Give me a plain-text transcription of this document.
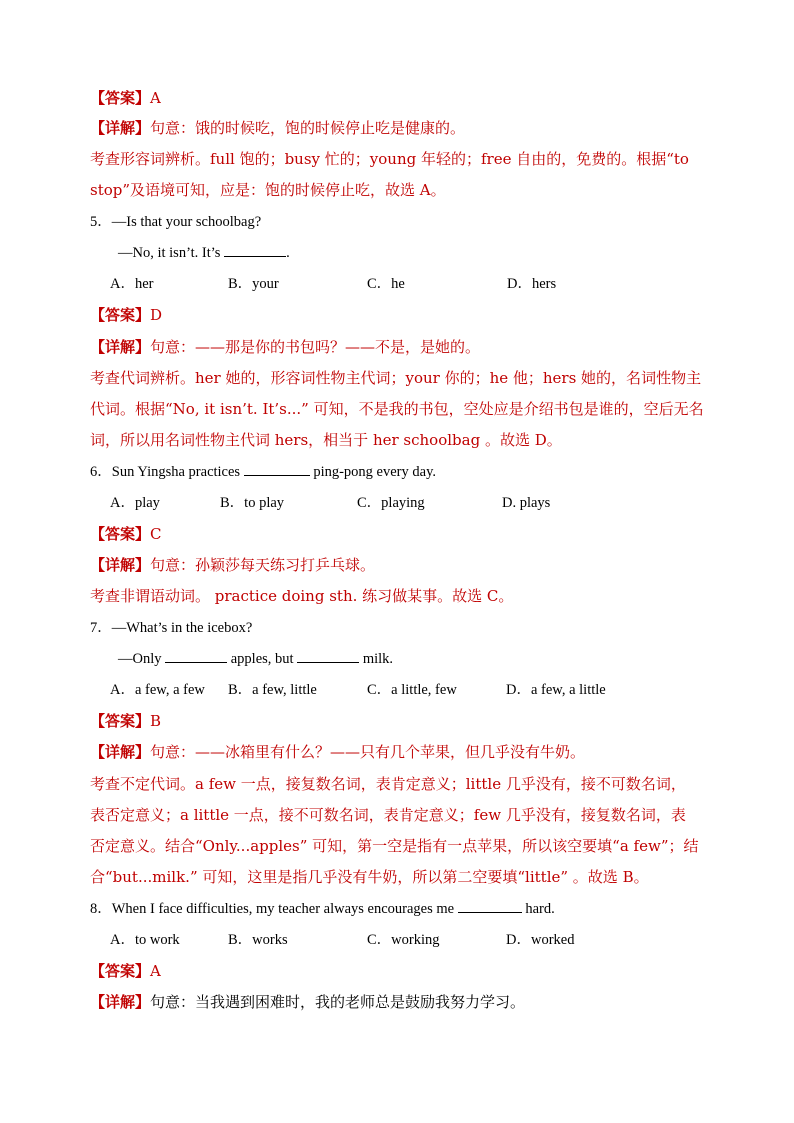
【答案】A
【详解】句意：饿的时候吃，饱的时候停止吃是健康的。
考查形容词辨析。full 饱的；busy 忙的；young 年轻的；free 自由的，免费的。根据“to
stop”及语境可知，应是：饱的时候停止吃，故选 A。
5．—Is that your schoolbag?
—No, it isn’t. It’s	.
A．her	B．your	C．he	D．hers
【答案】D
【详解】句意：——那是你的书包吗？——不是，是她的。
考查代词辨析。her 她的，形容词性物主代词；your 你的；he 他；hers 她的，名词性物主
代词。根据“No, it isn’t. It’s...” 可知，不是我的书包，空处应是介绍书包是谁的，空后无名
词，所以用名词性物主代词 hers，相当于 her schoolbag 。故选 D。
6．Sun Yingsha practices	ping-pong every day.
A．play	B．to play	C．playing	D. plays
【答案】C
【详解】句意：孙颖莎每天练习打乒乓球。
考查非谓语动词。 practice doing sth. 练习做某事。故选 C。
7．—What’s in the icebox?
—Only	apples, but	milk.
A．a few, a few B．a few, little	C．a little, few	D．a few, a little
【答案】B
【详解】句意：——冰箱里有什么？——只有几个苹果，但几乎没有牛奶。
考查不定代词。a few 一点，接复数名词，表肯定意义；little 几乎没有，接不可数名词，
表否定意义；a little 一点，接不可数名词，表肯定意义；few 几乎没有，接复数名词，表
否定意义。结合“Only...apples” 可知，第一空是指有一点苹果，所以该空要填“a few”；结
合“but...milk.” 可知，这里是指几乎没有牛奶，所以第二空要填“little” 。故选 B。
8．When I face difficulties, my teacher always encourages me	hard.
A．to work	B．works	C．working	D．worked
【答案】A
【详解】句意：当我遇到困难时，我的老师总是鼓励我努力学习。
